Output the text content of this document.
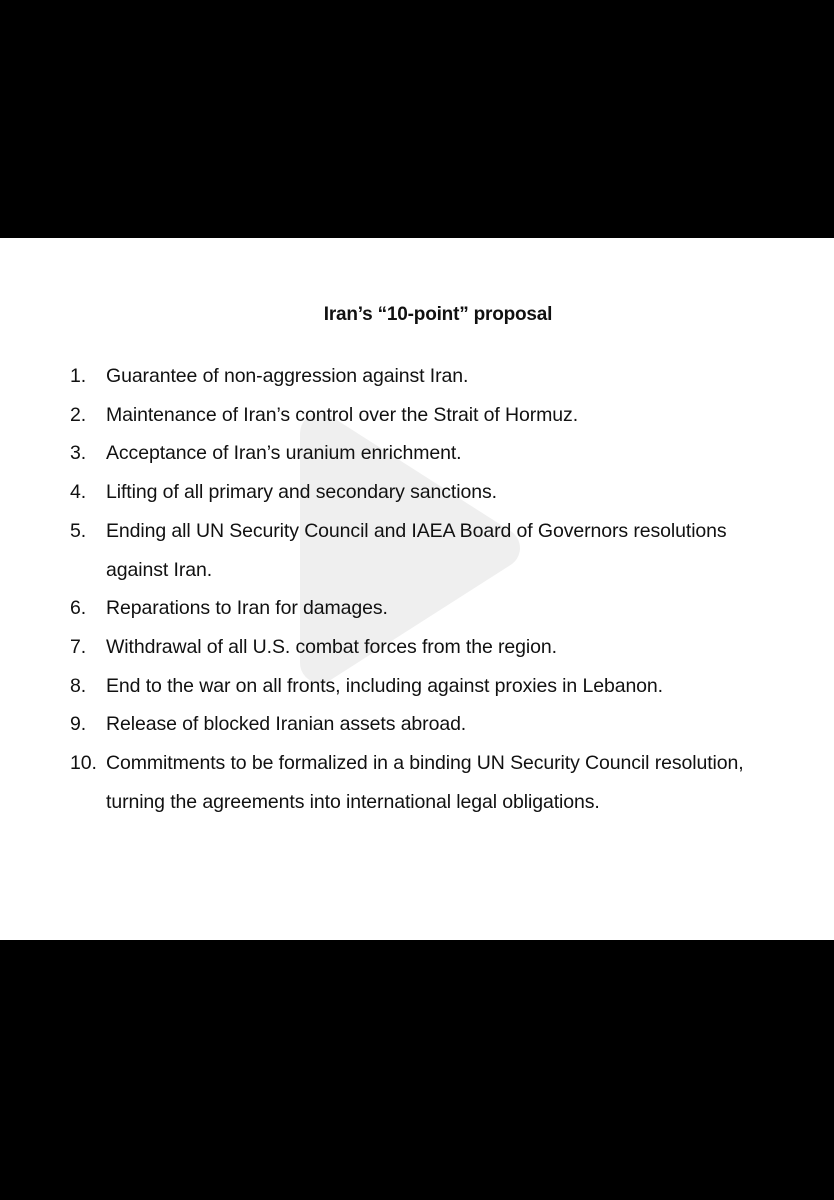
Iran’s “10-point” proposal
1.	Guarantee of non-aggression against Iran.
2.	Maintenance of Iran’s control over the Strait of Hormuz.
3.	Acceptance of Iran’s uranium enrichment.
4.	Lifting of all primary and secondary sanctions.
5.	Ending all UN Security Council and IAEA Board of Governors resolutions against Iran.
6.	Reparations to Iran for damages.
7.	Withdrawal of all U.S. combat forces from the region.
8.	End to the war on all fronts, including against proxies in Lebanon.
9.	Release of blocked Iranian assets abroad.
10. Commitments to be formalized in a binding UN Security Council resolution, turning the agreements into international legal obligations.
